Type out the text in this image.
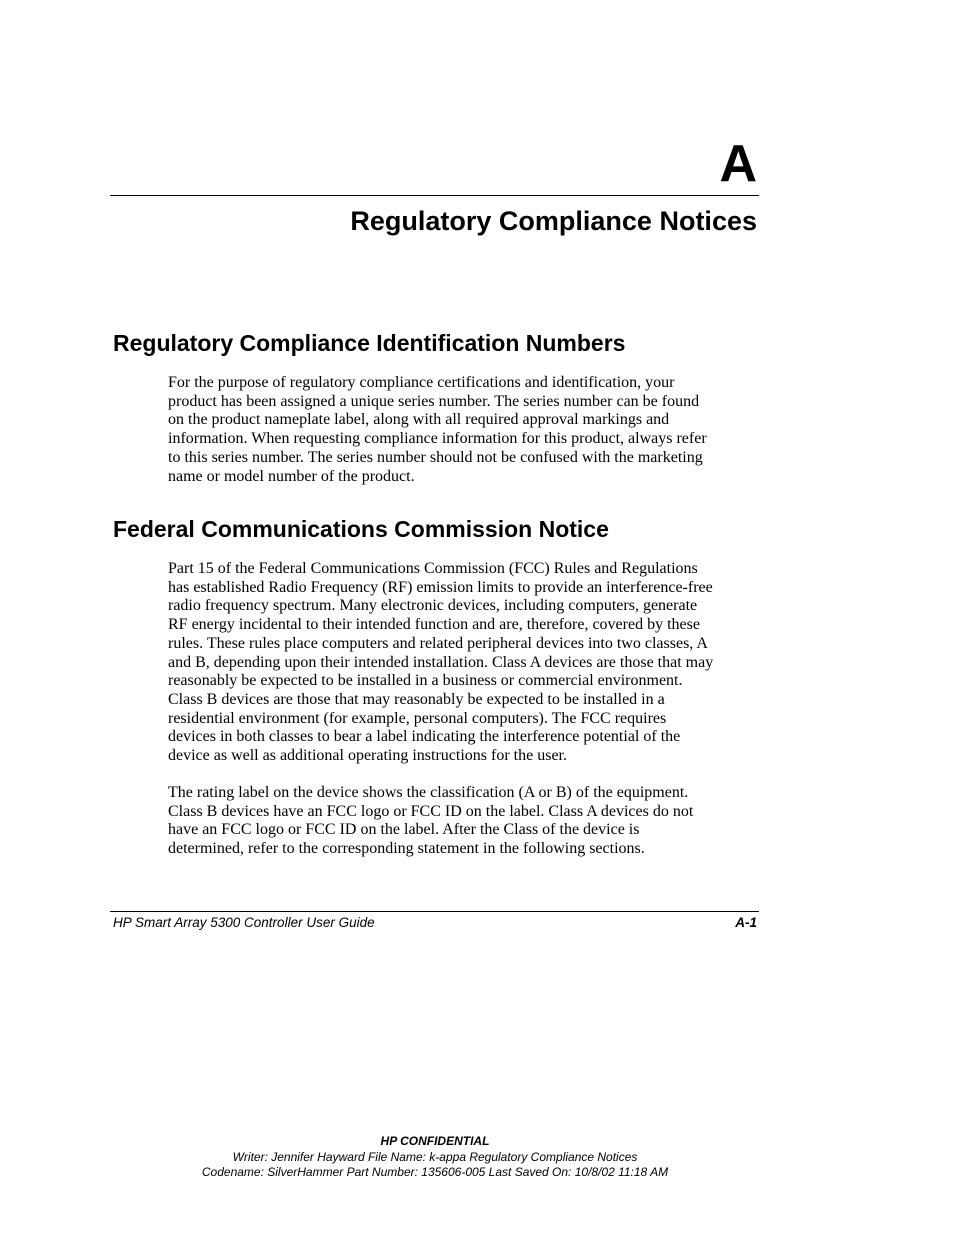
A
Regulatory Compliance Notices
Regulatory Compliance Identification Numbers
For the purpose of regulatory compliance certifications and identification, your
product has been assigned a unique series number. The series number can be found
on the product nameplate label, along with all required approval markings and
information. When requesting compliance information for this product, always refer
to this series number. The series number should not be confused with the marketing
name or model number of the product.
Federal Communications Commission Notice
Part 15 of the Federal Communications Commission (FCC) Rules and Regulations
has established Radio Frequency (RF) emission limits to provide an interference-free
radio frequency spectrum. Many electronic devices, including computers, generate
RF energy incidental to their intended function and are, therefore, covered by these
rules. These rules place computers and related peripheral devices into two classes, A
and B, depending upon their intended installation. Class A devices are those that may
reasonably be expected to be installed in a business or commercial environment.
Class B devices are those that may reasonably be expected to be installed in a
residential environment (for example, personal computers). The FCC requires
devices in both classes to bear a label indicating the interference potential of the
device as well as additional operating instructions for the user.
The rating label on the device shows the classification (A or B) of the equipment.
Class B devices have an FCC logo or FCC ID on the label. Class A devices do not
have an FCC logo or FCC ID on the label. After the Class of the device is
determined, refer to the corresponding statement in the following sections.
HP Smart Array 5300 Controller User Guide	A-1
HP CONFIDENTIAL
Writer: Jennifer Hayward File Name: k-appa Regulatory Compliance Notices
Codename: SilverHammer Part Number: 135606-005 Last Saved On: 10/8/02 11:18 AM
